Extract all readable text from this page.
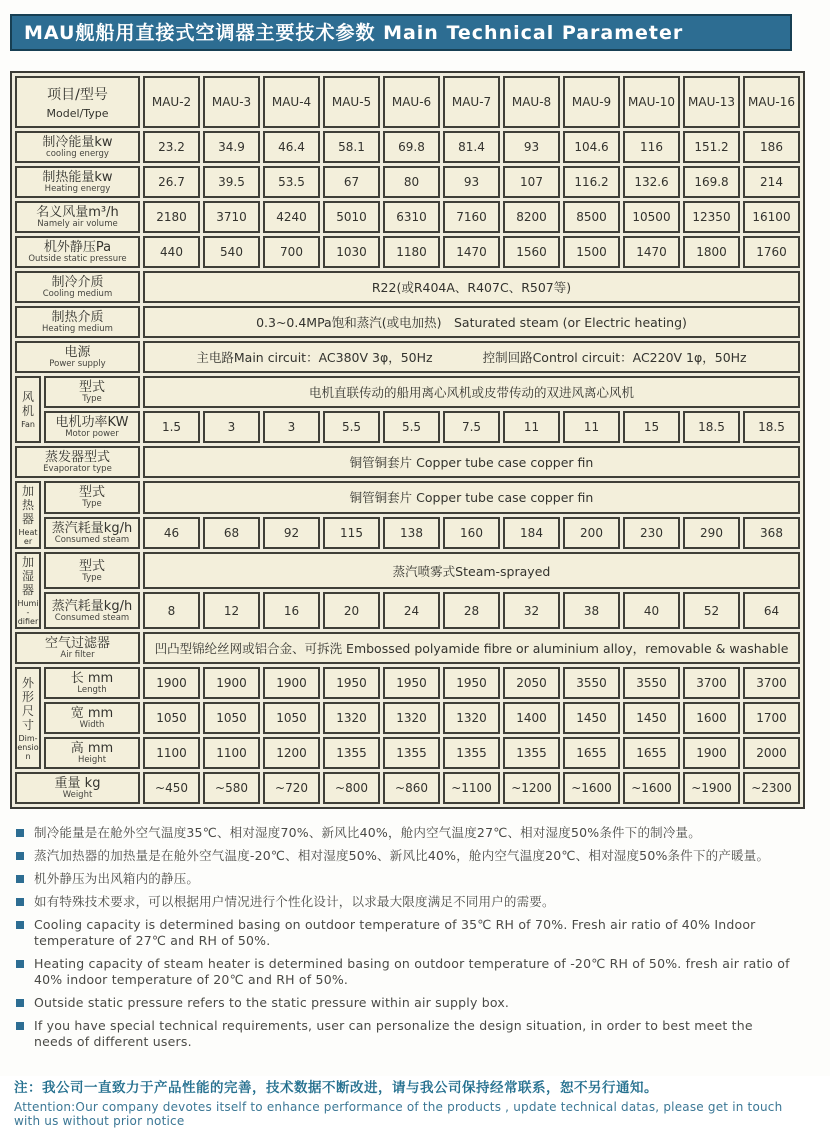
MAU舰船用直接式空调器主要技术参数 Main Technical Parameter
项目/型号
Model/Type		MAU-2	MAU-3	MAU-4	MAU-5	MAU-6	MAU-7	MAU-8	MAU-9	MAU-10	MAU-13	MAU-16

制冷能量kw
cooling energy		23.2	34.9	46.4	58.1	69.8	81.4	93	104.6	116	151.2	186

制热能量kw
Heating energy		26.7	39.5	53.5	67	80	93	107	116.2	132.6	169.8	214

名义风量m³/h
Namely air volume		2180	3710	4240	5010	6310	7160	8200	8500	10500	12350	16100

机外静压Pa
Outside static pressure		440	540	700	1030	1180	1470	1560	1500	1470	1800	1760

制冷介质
Cooling medium		R22(或R404A、R407C、R507等)										

制热介质
Heating medium		0.3~0.4MPa饱和蒸汽(或电加热)　Saturated steam (or Electric heating)										

电源
Power supply		主电路Main circuit：AC380V 3φ，50Hz　　　　控制回路Control circuit：AC220V 1φ，50Hz										

风
机
Fan

型式
Type	电机直联传动的船用离心风机或皮带传动的双进风离心风机

	电机功率KW
Motor power	1.5	3	3	5.5	5.5	7.5	11	11	15	18.5	18.5

蒸发器型式
Evaporator type		铜管铜套片 Copper tube case copper fin										

加
热
器
Heater

型式
Type	铜管铜套片 Copper tube case copper fin

	蒸汽耗量kg/h
Consumed steam	46	68	92	115	138	160	184	200	230	290	368

加
湿
器
Humi-difier

型式
Type	蒸汽喷雾式Steam-sprayed

	蒸汽耗量kg/h
Consumed steam	8	12	16	20	24	28	32	38	40	52	64

空气过滤器
Air filter		凹凸型锦纶丝网或铝合金、可拆洗 Embossed polyamide fibre or aluminium alloy，removable & washable										

外
形
尺
寸
Dim-ension

长 mm
Length	1900	1900	1900	1950	1950	1950	2050	3550	3550	3700	3700

	宽 mm
Width	1050	1050	1050	1320	1320	1320	1400	1450	1450	1600	1700

	高 mm
Height	1100	1100	1200	1355	1355	1355	1355	1655	1655	1900	2000

重量 kg
Weight		~450	~580	~720	~800	~860	~1100	~1200	~1600	~1600	~1900	~2300
制冷能量是在舱外空气温度35℃、相对湿度70%、新风比40%，舱内空气温度27℃、相对湿度50%条件下的制冷量。
蒸汽加热器的加热量是在舱外空气温度-20℃、相对湿度50%、新风比40%，舱内空气温度20℃、相对湿度50%条件下的产暖量。
机外静压为出风箱内的静压。
如有特殊技术要求，可以根据用户情况进行个性化设计，以求最大限度满足不同用户的需要。
Cooling capacity is determined basing on outdoor temperature of 35℃ RH of 70%. Fresh air ratio of 40% Indoor temperature of 27℃ and RH of 50%.
Heating capacity of steam heater is determined basing on outdoor temperature of -20℃ RH of 50%. fresh air ratio of 40% indoor temperature of 20℃ and RH of 50%.
Outside static pressure refers to the static pressure within air supply box.
If you have special technical requirements, user can personalize the design situation, in order to best meet the needs of different users.
注：我公司一直致力于产品性能的完善，技术数据不断改进，请与我公司保持经常联系，恕不另行通知。
Attention:Our company devotes itself to enhance performance of the products , update technical datas, please get in touch with us without prior notice
